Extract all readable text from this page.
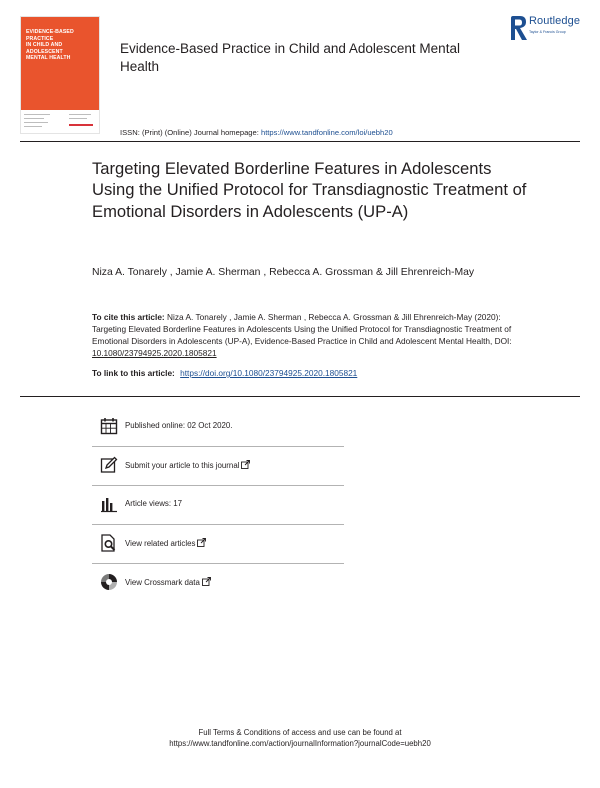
EVIDENCE-BASED PRACTICE
IN CHILD AND ADOLESCENT
MENTAL HEALTH
Evidence-Based Practice in Child and Adolescent Mental Health
Routledge
Taylor & Francis Group
ISSN: (Print) (Online) Journal homepage: https://www.tandfonline.com/loi/uebh20
Targeting Elevated Borderline Features in Adolescents Using the Unified Protocol for Transdiagnostic Treatment of Emotional Disorders in Adolescents (UP-A)
Niza A. Tonarely , Jamie A. Sherman , Rebecca A. Grossman & Jill Ehrenreich-May
To cite this article: Niza A. Tonarely , Jamie A. Sherman , Rebecca A. Grossman & Jill Ehrenreich-May (2020): Targeting Elevated Borderline Features in Adolescents Using the Unified Protocol for Transdiagnostic Treatment of Emotional Disorders in Adolescents (UP-A), Evidence-Based Practice in Child and Adolescent Mental Health, DOI: 10.1080/23794925.2020.1805821
To link to this article: https://doi.org/10.1080/23794925.2020.1805821
Published online: 02 Oct 2020.
Submit your article to this journal
Article views: 17
View related articles
View Crossmark data
Full Terms & Conditions of access and use can be found at
https://www.tandfonline.com/action/journalInformation?journalCode=uebh20
